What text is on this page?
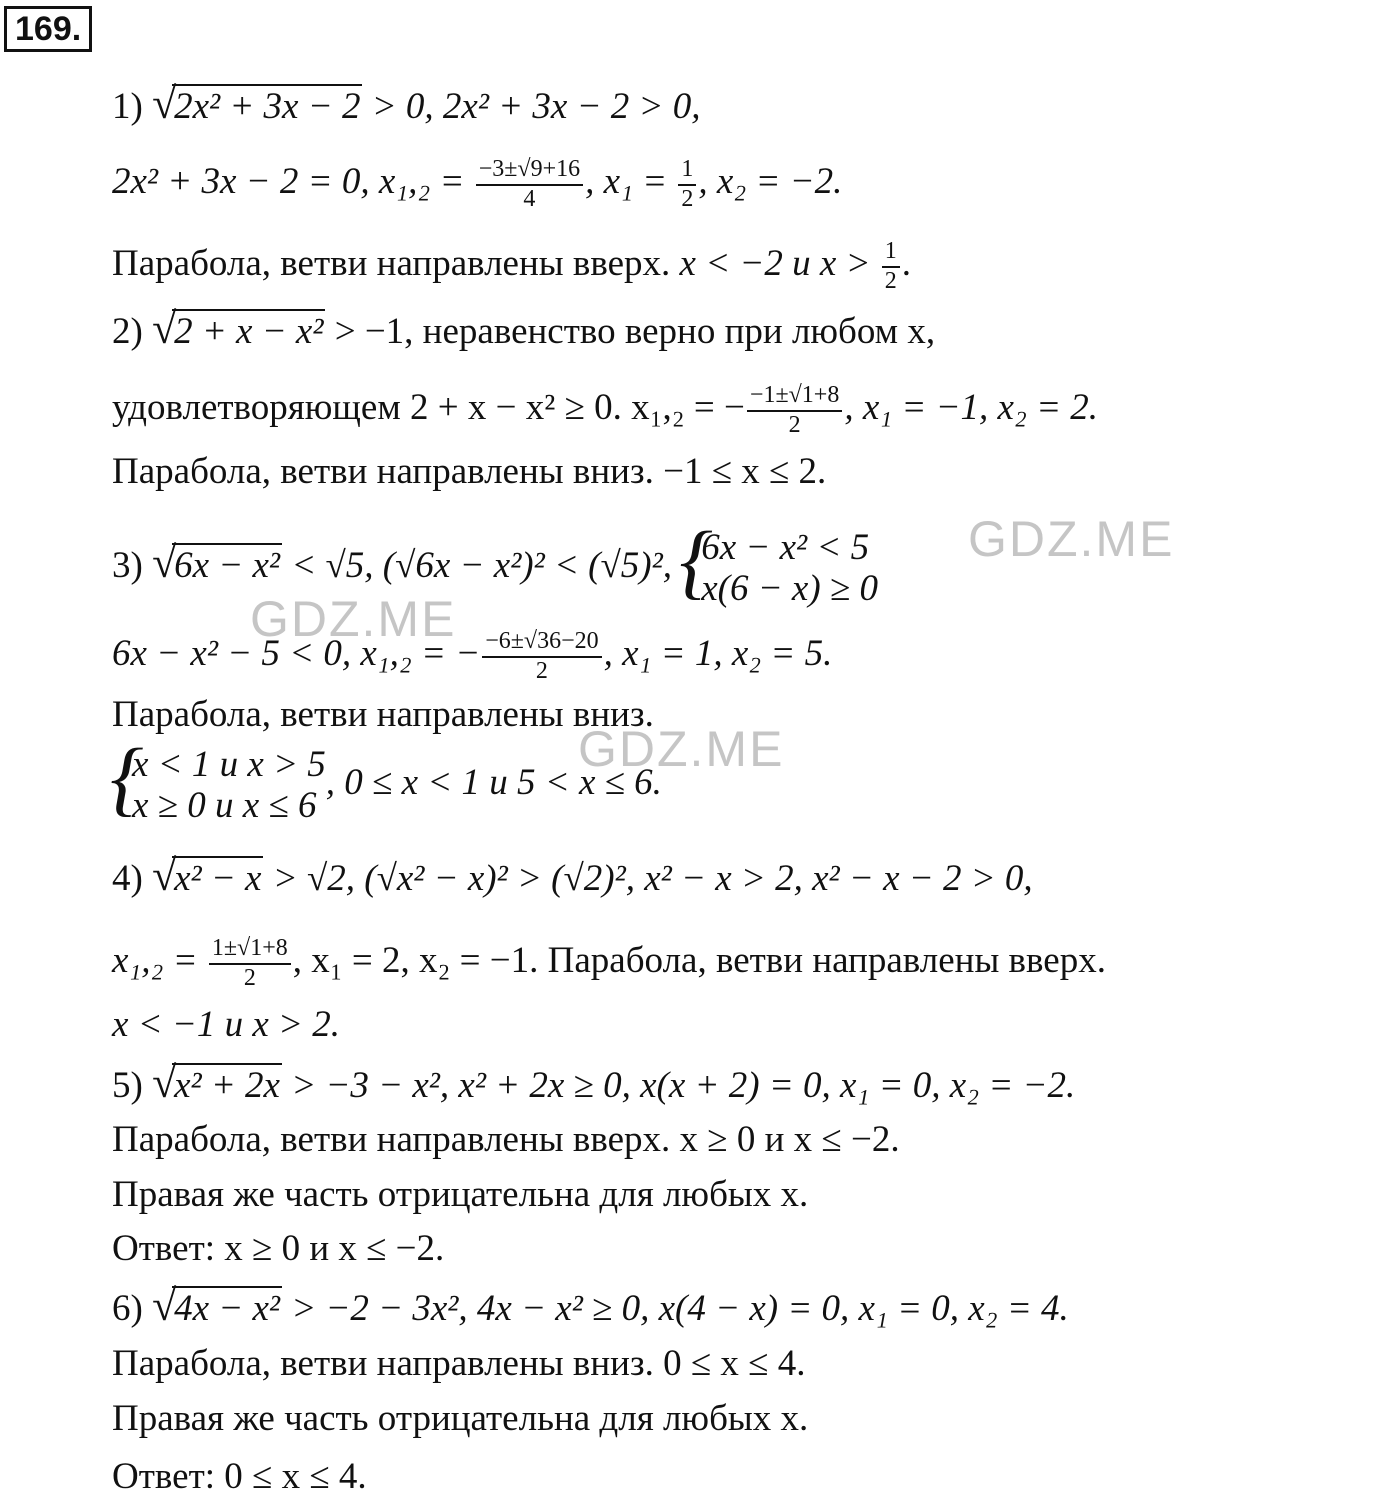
169.
1) √ 2x² + 3x − 2 > 0, 2x² + 3x − 2 > 0,
2x² + 3x − 2 = 0, $x_1,_2 = \frac{-3\pm√9+16}{4}$ , $x_1 = \frac{1}{2}$ , x₂ = −2.
Парабола, ветви направлены вверх. x < −2 и $x > \frac{1}{2}$ .
2) √ 2 + x − x² > −1, неравенство верно при любом x,
удовлетворяющем 2 + x − x² ≥ 0. x₁,₂ = − $\frac{-1\pm√1+8}{2}$ , x₁ = −1, x₂ = 2.
Парабола, ветви направлены вниз. −1 ≤ x ≤ 2.
3) √ 6x − x² < √5, (√6x − x²)² < (√5)², { 6x − x² < 5
x(6 − x) ≥ 0
6x − x² − 5 < 0, x₁,₂ = − $\frac{-6\pm√36-20}{2}$ , x₁ = 1, x₂ = 5.
Парабола, ветви направлены вниз.
{ x < 1 и x > 5
x ≥ 0 и x ≤ 6
, 0 ≤ x < 1 и 5 < x ≤ 6.
4) √ x² − x > √2, (√x² − x)² > (√2)², x² − x > 2, x² − x − 2 > 0,
$x_1,_2 = \frac{1\pm√1+8}{2}$ , x₁ = 2, x₂ = −1. Парабола, ветви направлены вверх.
x < −1 и x > 2.
5) √ x² + 2x > −3 − x², x² + 2x ≥ 0, x(x + 2) = 0, x₁ = 0, x₂ = −2.
Парабола, ветви направлены вверх. x ≥ 0 и x ≤ −2.
Правая же часть отрицательна для любых x.
Ответ: x ≥ 0 и x ≤ −2.
6) √ 4x − x² > −2 − 3x², 4x − x² ≥ 0, x(4 − x) = 0, x₁ = 0, x₂ = 4.
Парабола, ветви направлены вниз. 0 ≤ x ≤ 4.
Правая же часть отрицательна для любых x.
Ответ: 0 ≤ x ≤ 4.
GDZ.ME
GDZ.ME
GDZ.ME
